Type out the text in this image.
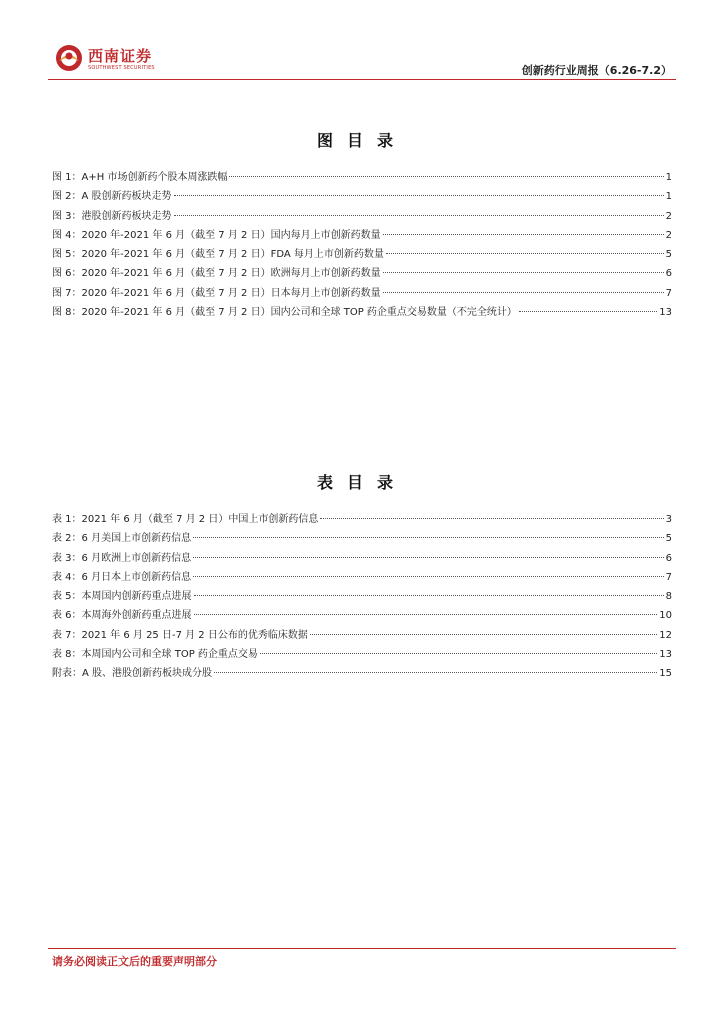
西南证券
SOUTHWEST SECURITIES	创新药行业周报（6.26-7.2）
图目录
图 1：A+H 市场创新药个股本周涨跌幅	1
图 2：A 股创新药板块走势	1
图 3：港股创新药板块走势	2
图 4：2020 年-2021 年 6 月（截至 7 月 2 日）国内每月上市创新药数量	2
图 5：2020 年-2021 年 6 月（截至 7 月 2 日）FDA 每月上市创新药数量	5
图 6：2020 年-2021 年 6 月（截至 7 月 2 日）欧洲每月上市创新药数量	6
图 7：2020 年-2021 年 6 月（截至 7 月 2 日）日本每月上市创新药数量	7
图 8：2020 年-2021 年 6 月（截至 7 月 2 日）国内公司和全球 TOP 药企重点交易数量（不完全统计）	13
表目录
表 1：2021 年 6 月（截至 7 月 2 日）中国上市创新药信息	3
表 2：6 月美国上市创新药信息	5
表 3：6 月欧洲上市创新药信息	6
表 4：6 月日本上市创新药信息	7
表 5：本周国内创新药重点进展	8
表 6：本周海外创新药重点进展	10
表 7：2021 年 6 月 25 日-7 月 2 日公布的优秀临床数据	12
表 8：本周国内公司和全球 TOP 药企重点交易	13
附表：A 股、港股创新药板块成分股	15
请务必阅读正文后的重要声明部分
